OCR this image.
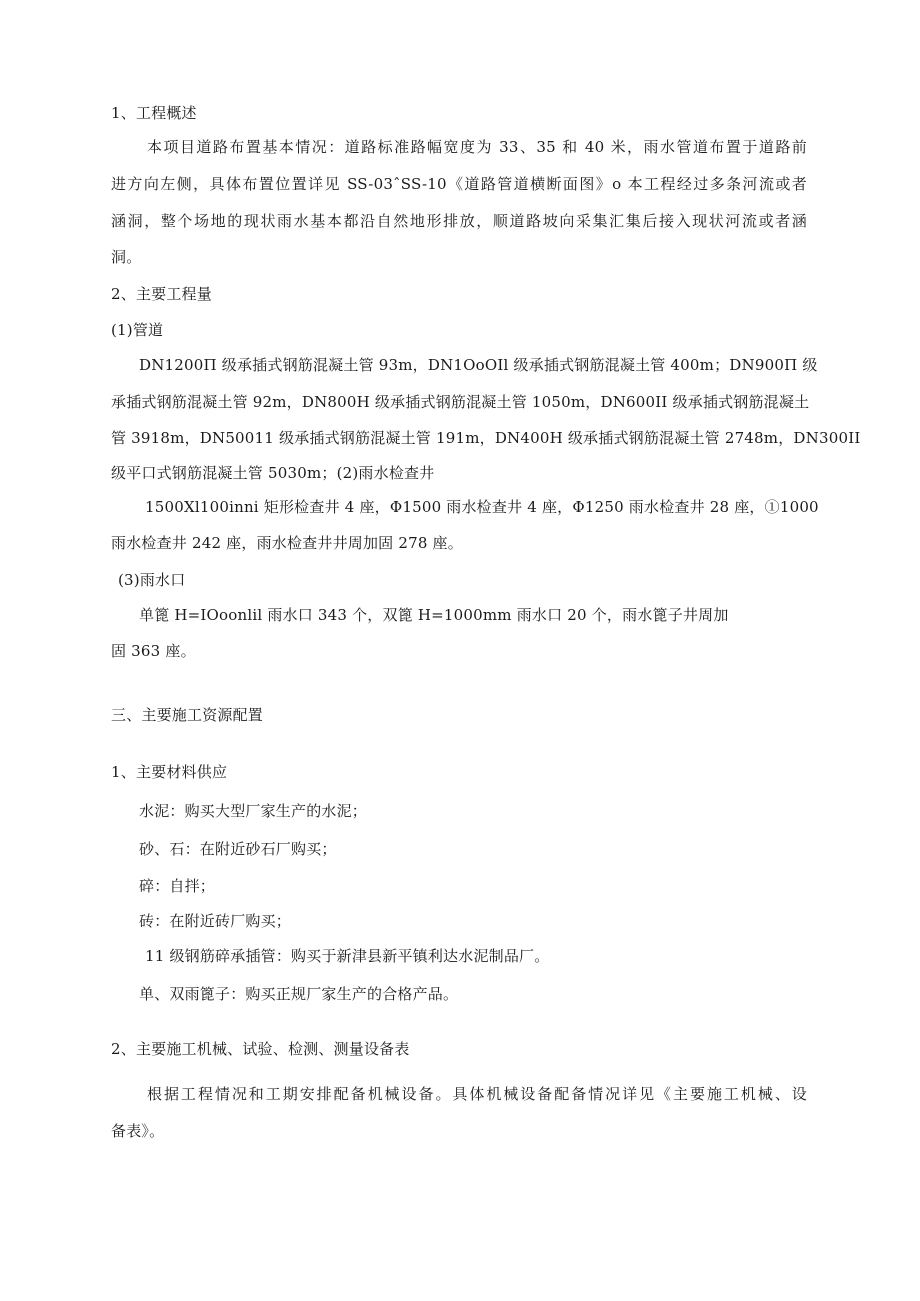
1、工程概述
本项目道路布置基本情况：道路标准路幅宽度为 33、35 和 40 米，雨水管道布置于道路前
进方向左侧，具体布置位置详见 SS-03ˆSS-10《道路管道横断面图》o 本工程经过多条河流或者
涵洞，整个场地的现状雨水基本都沿自然地形排放，顺道路坡向采集汇集后接入现状河流或者涵
洞。
2、主要工程量
(1)管道
DN1200Π 级承插式钢筋混凝土管 93m，DN1OoOIl 级承插式钢筋混凝土管 400m；DN900Π 级
承插式钢筋混凝土管 92m，DN800H 级承插式钢筋混凝土管 1050m，DN600II 级承插式钢筋混凝土
管 3918m，DN50011 级承插式钢筋混凝土管 191m，DN400H 级承插式钢筋混凝土管 2748m，DN300II
级平口式钢筋混凝土管 5030m；(2)雨水检查井
1500Xl100inni 矩形检查井 4 座，Φ1500 雨水检查井 4 座，Φ1250 雨水检查井 28 座，①1000
雨水检查井 242 座，雨水检查井井周加固 278 座。
(3)雨水口
单篦 H=IOoonlil 雨水口 343 个，双篦 H=1000mm 雨水口 20 个，雨水篦子井周加
固 363 座。
三、主要施工资源配置
1、主要材料供应
水泥：购买大型厂家生产的水泥；
砂、石：在附近砂石厂购买；
碎：自拌；
砖：在附近砖厂购买；
11 级钢筋碎承插管：购买于新津县新平镇利达水泥制品厂。
单、双雨篦子：购买正规厂家生产的合格产品。
2、主要施工机械、试验、检测、测量设备表
根据工程情况和工期安排配备机械设备。具体机械设备配备情况详见《主要施工机械、设
备表》。
